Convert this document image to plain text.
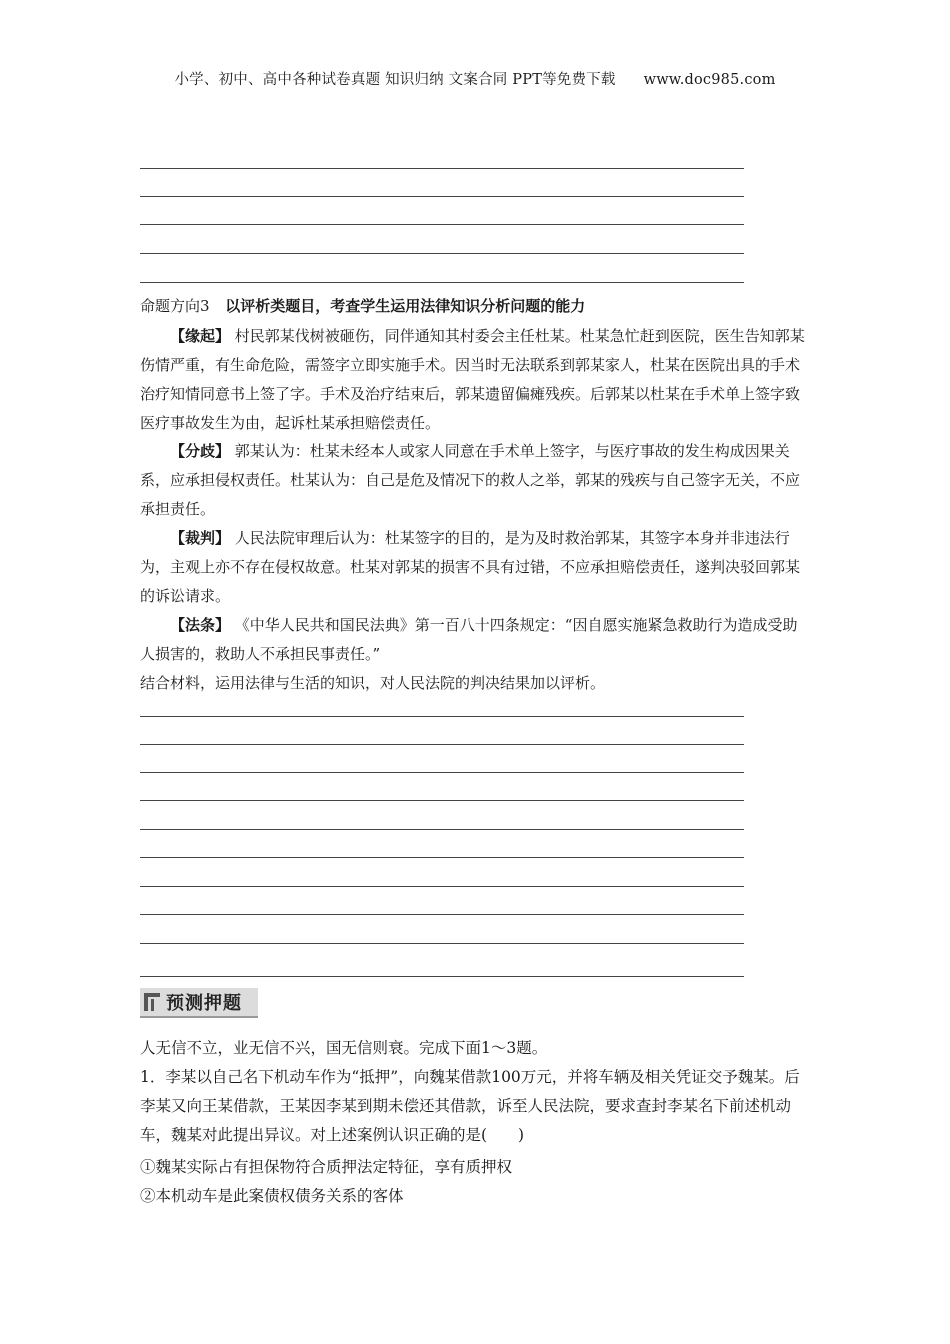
小学、初中、高中各种试卷真题 知识归纳 文案合同 PPT等免费下载 www.doc985.com
命题方向3 以评析类题目，考查学生运用法律知识分析问题的能力
【缘起】 村民郭某伐树被砸伤，同伴通知其村委会主任杜某。杜某急忙赶到医院，医生告知郭某伤情严重，有生命危险，需签字立即实施手术。因当时无法联系到郭某家人，杜某在医院出具的手术治疗知情同意书上签了字。手术及治疗结束后，郭某遗留偏瘫残疾。后郭某以杜某在手术单上签字致医疗事故发生为由，起诉杜某承担赔偿责任。
【分歧】 郭某认为：杜某未经本人或家人同意在手术单上签字，与医疗事故的发生构成因果关系，应承担侵权责任。杜某认为：自己是危及情况下的救人之举，郭某的残疾与自己签字无关，不应承担责任。
【裁判】 人民法院审理后认为：杜某签字的目的，是为及时救治郭某，其签字本身并非违法行为，主观上亦不存在侵权故意。杜某对郭某的损害不具有过错，不应承担赔偿责任，遂判决驳回郭某的诉讼请求。
【法条】 《中华人民共和国民法典》第一百八十四条规定：“因自愿实施紧急救助行为造成受助人损害的，救助人不承担民事责任。”
结合材料，运用法律与生活的知识，对人民法院的判决结果加以评析。
预测押题
人无信不立，业无信不兴，国无信则衰。完成下面1～3题。
1．李某以自己名下机动车作为“抵押”，向魏某借款100万元，并将车辆及相关凭证交予魏某。后李某又向王某借款，王某因李某到期未偿还其借款，诉至人民法院，要求查封李某名下前述机动车，魏某对此提出异议。对上述案例认识正确的是(　　)
①魏某实际占有担保物符合质押法定特征，享有质押权
②本机动车是此案债权债务关系的客体
